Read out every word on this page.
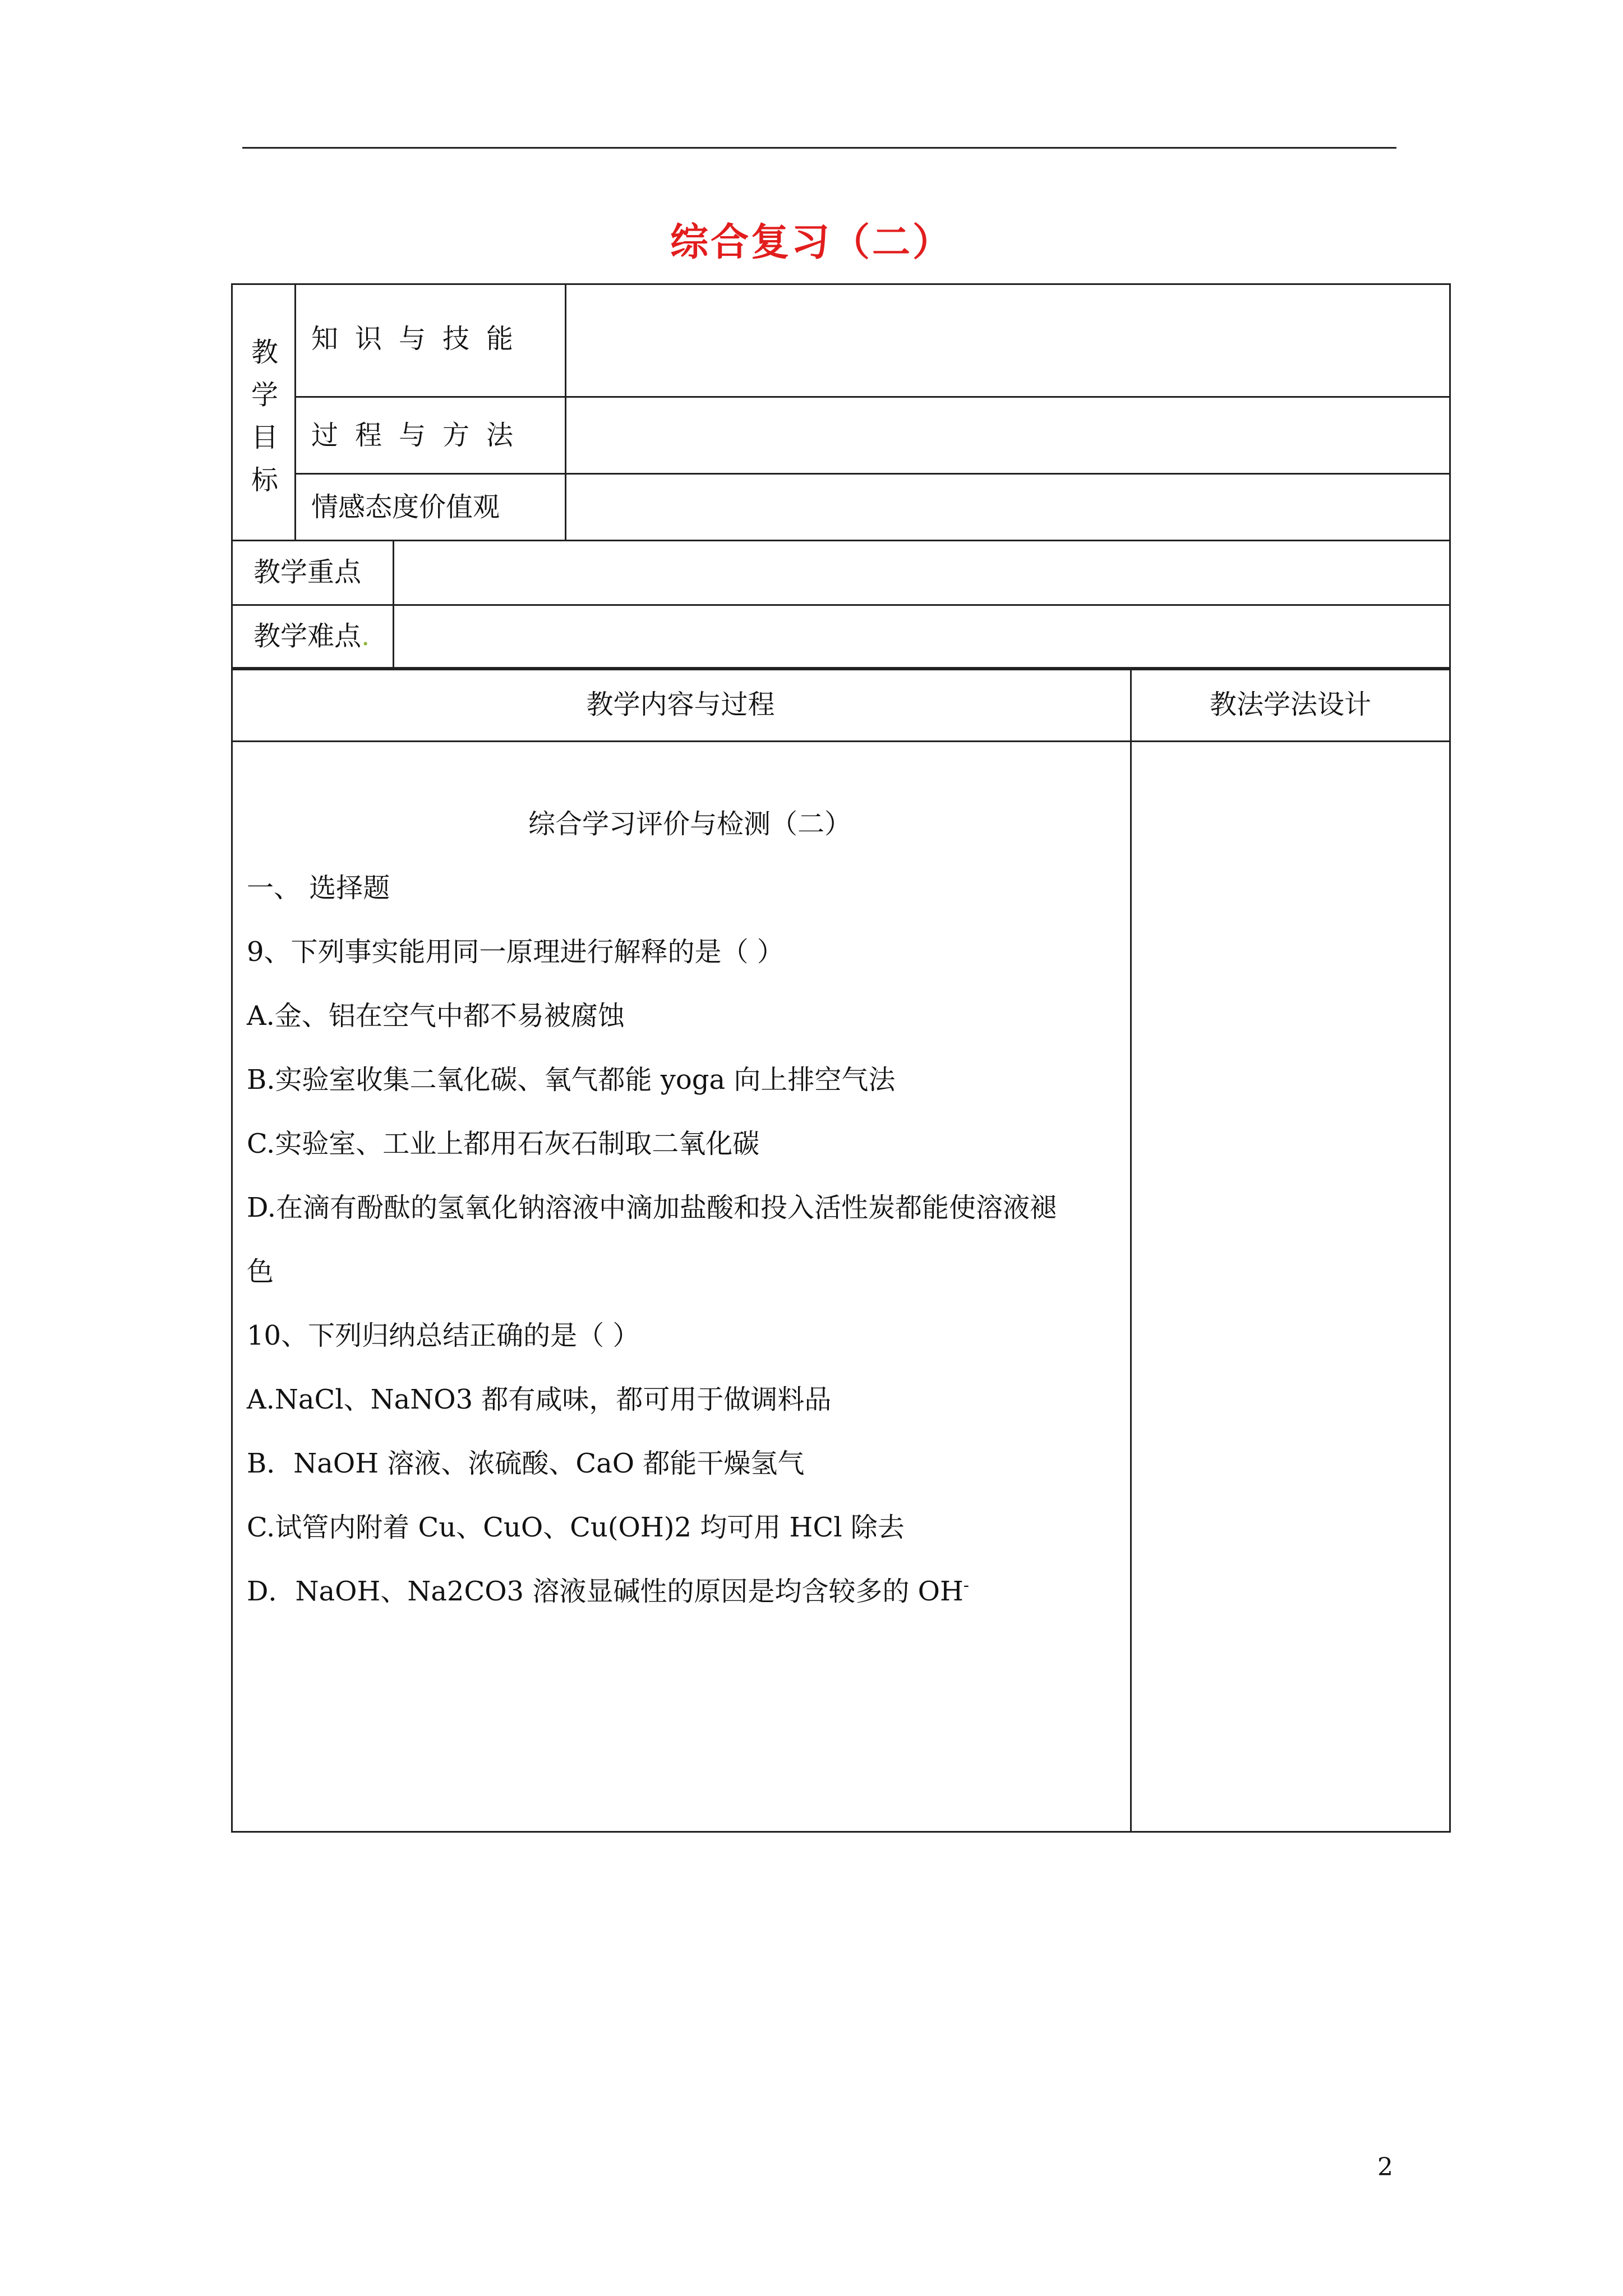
综合复习（二）
教
学
目
标
知识与技能
过程与方法
情感态度价值观
教学重点
教学难点.
教学内容与过程	教法学法设计
综合学习评价与检测（二）
一、 选择题
9、下列事实能用同一原理进行解释的是（ ）
A.金、铝在空气中都不易被腐蚀
B.实验室收集二氧化碳、氧气都能 yoga 向上排空气法
C.实验室、工业上都用石灰石制取二氧化碳
D.在滴有酚酞的氢氧化钠溶液中滴加盐酸和投入活性炭都能使溶液褪
色
10、下列归纳总结正确的是（ ）
A.NaCl、NaNO3 都有咸味，都可用于做调料品
B．NaOH 溶液、浓硫酸、CaO 都能干燥氢气
C.试管内附着 Cu、CuO、Cu(OH)2 均可用 HCl 除去
D．NaOH、Na2CO3 溶液显碱性的原因是均含较多的 OH-
2
